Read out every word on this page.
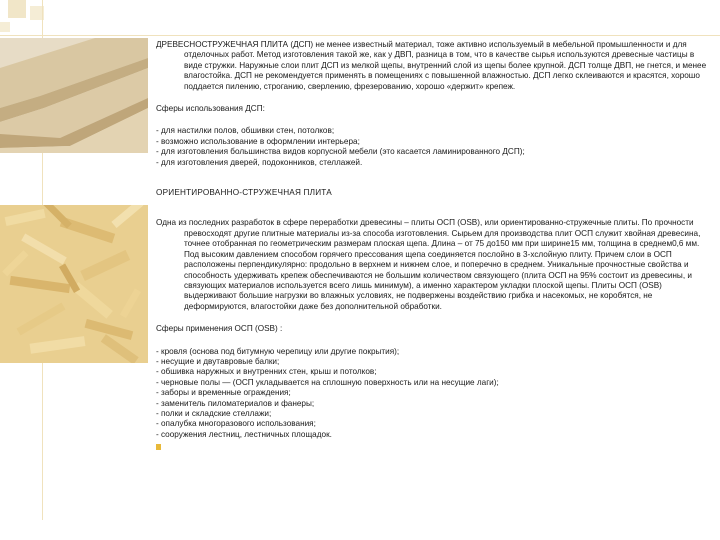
ДРЕВЕСНОСТРУЖЕЧНАЯ ПЛИТА (ДСП) не менее известный материал, тоже активно используемый в мебельной промышленности и для отделочных работ. Метод изготовления такой же, как у ДВП, разница в том, что в качестве сырья используются древесные частицы в виде стружки. Наружные слои плит ДСП из мелкой щепы, внутренний слой из щепы более крупной. ДСП толще ДВП, не гнется, и менее влагостойка. ДСП не рекомендуется применять в помещениях с повышенной влажностью. ДСП легко склеиваются и красятся, хорошо поддается пилению, строганию, сверлению, фрезерованию, хорошо «держит» крепеж.

Сферы использования ДСП:

- для настилки полов, обшивки стен, потолков;
- возможно использование в оформлении интерьера;
- для изготовления большинства видов корпусной мебели (это касается ламинированного ДСП);
- для изготовления дверей, подоконников, стеллажей.

ОРИЕНТИРОВАННО-СТРУЖЕЧНАЯ ПЛИТА

Одна из последних разработок в сфере переработки древесины – плиты ОСП (OSB), или ориентированно-стружечные плиты. По прочности превосходят другие плитные материалы из-за способа изготовления. Сырьем для производства плит ОСП служит хвойная древесина, точнее отобранная по геометрическим размерам плоская щепа. Длина – от 75 до150 мм при ширине15 мм, толщина в среднем0,6 мм. Под высоким давлением способом горячего прессования щепа соединяется послойно в 3-хслойную плиту. Причем слои в ОСП расположены перпендикулярно: продольно в верхнем и нижнем слое, и поперечно в среднем. Уникальные прочностные свойства и способность удерживать крепеж обеспечиваются не большим количеством связующего (плита ОСП на 95% состоит из древесины, и связующих материалов используется всего лишь минимум), а именно характером укладки плоской щепы. Плиты ОСП (OSB) выдерживают большие нагрузки во влажных условиях, не подвержены воздействию грибка и насекомых, не коробятся, не деформируются, влагостойки даже без дополнительной обработки.

Сферы применения ОСП (OSB) :

- кровля (основа под битумную черепицу или другие покрытия);
- несущие и двутавровые балки;
- обшивка наружных и внутренних стен, крыш и потолков;
- черновые полы — (ОСП укладывается на сплошную поверхность или на несущие лаги);
- заборы и временные ограждения;
- заменитель пиломатериалов и фанеры;
- полки и складские стеллажи;
- опалубка многоразового использования;
- сооружения лестниц, лестничных площадок.
